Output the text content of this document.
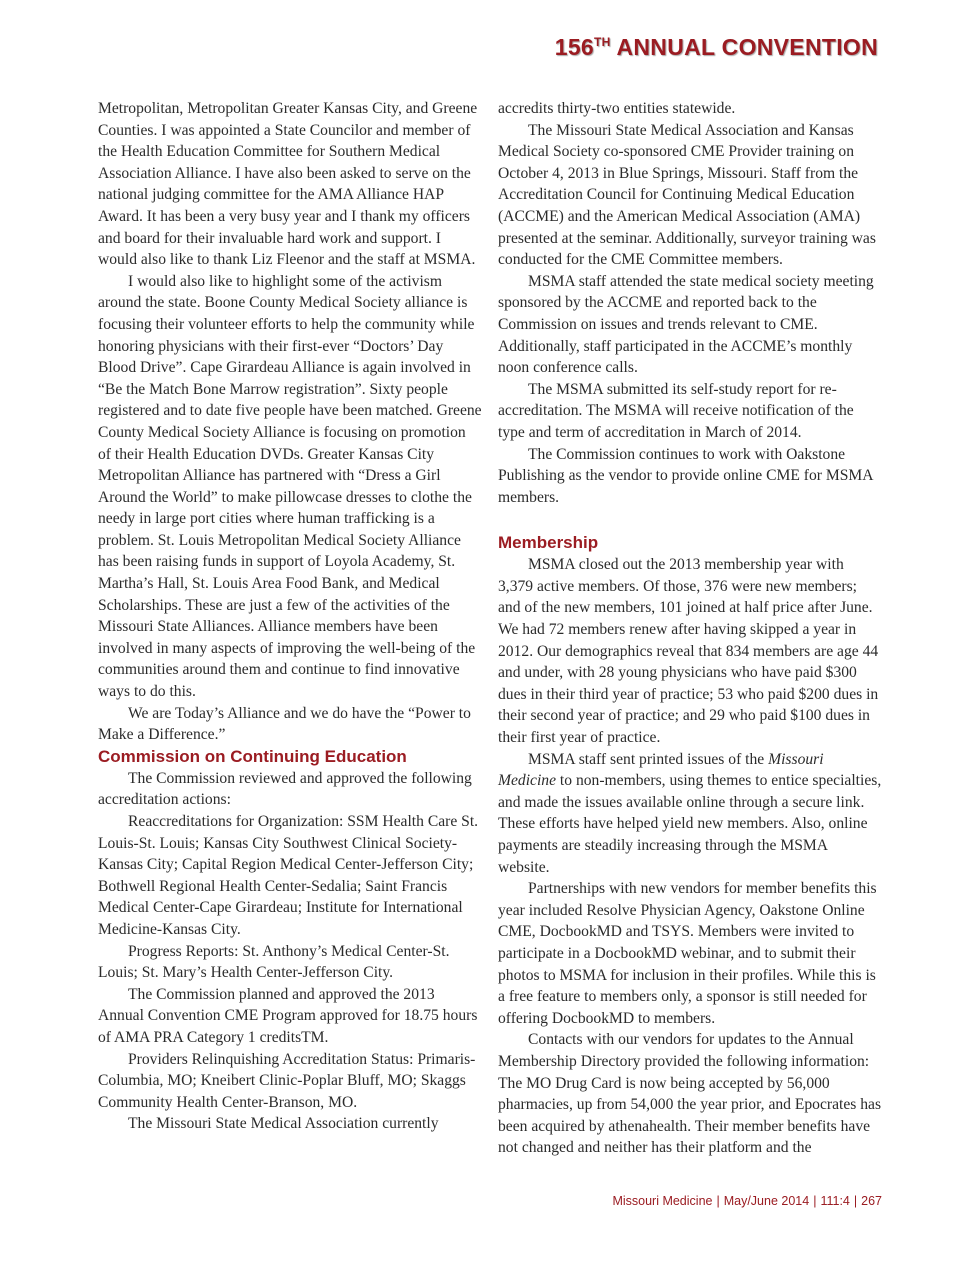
156TH ANNUAL CONVENTION

Metropolitan, Metropolitan Greater Kansas City, and Greene Counties. I was appointed a State Councilor and member of the Health Education Committee for Southern Medical Association Alliance. I have also been asked to serve on the national judging committee for the AMA Alliance HAP Award. It has been a very busy year and I thank my officers and board for their invaluable hard work and support. I would also like to thank Liz Fleenor and the staff at MSMA.

I would also like to highlight some of the activism around the state. Boone County Medical Society alliance is focusing their volunteer efforts to help the community while honoring physicians with their first-ever “Doctors’ Day Blood Drive”. Cape Girardeau Alliance is again involved in “Be the Match Bone Marrow registration”. Sixty people registered and to date five people have been matched. Greene County Medical Society Alliance is focusing on promotion of their Health Education DVDs. Greater Kansas City Metropolitan Alliance has partnered with “Dress a Girl Around the World” to make pillowcase dresses to clothe the needy in large port cities where human trafficking is a problem. St. Louis Metropolitan Medical Society Alliance has been raising funds in support of Loyola Academy, St. Martha’s Hall, St. Louis Area Food Bank, and Medical Scholarships. These are just a few of the activities of the Missouri State Alliances. Alliance members have been involved in many aspects of improving the well-being of the communities around them and continue to find innovative ways to do this.

We are Today’s Alliance and we do have the “Power to Make a Difference.”

Commission on Continuing Education

The Commission reviewed and approved the following accreditation actions:

Reaccreditations for Organization: SSM Health Care St. Louis-St. Louis; Kansas City Southwest Clinical Society-Kansas City; Capital Region Medical Center-Jefferson City; Bothwell Regional Health Center-Sedalia; Saint Francis Medical Center-Cape Girardeau; Institute for International Medicine-Kansas City.

Progress Reports: St. Anthony’s Medical Center-St. Louis; St. Mary’s Health Center-Jefferson City.

The Commission planned and approved the 2013 Annual Convention CME Program approved for 18.75 hours of AMA PRA Category 1 creditsTM.

Providers Relinquishing Accreditation Status: Primaris-Columbia, MO; Kneibert Clinic-Poplar Bluff, MO; Skaggs Community Health Center-Branson, MO.

The Missouri State Medical Association currently

accredits thirty-two entities statewide.

The Missouri State Medical Association and Kansas Medical Society co-sponsored CME Provider training on October 4, 2013 in Blue Springs, Missouri. Staff from the Accreditation Council for Continuing Medical Education (ACCME) and the American Medical Association (AMA) presented at the seminar. Additionally, surveyor training was conducted for the CME Committee members.

MSMA staff attended the state medical society meeting sponsored by the ACCME and reported back to the Commission on issues and trends relevant to CME. Additionally, staff participated in the ACCME’s monthly noon conference calls.

The MSMA submitted its self-study report for re-accreditation. The MSMA will receive notification of the type and term of accreditation in March of 2014.

The Commission continues to work with Oakstone Publishing as the vendor to provide online CME for MSMA members.

Membership

MSMA closed out the 2013 membership year with 3,379 active members. Of those, 376 were new members; and of the new members, 101 joined at half price after June. We had 72 members renew after having skipped a year in 2012. Our demographics reveal that 834 members are age 44 and under, with 28 young physicians who have paid $300 dues in their third year of practice; 53 who paid $200 dues in their second year of practice; and 29 who paid $100 dues in their first year of practice.

MSMA staff sent printed issues of the Missouri Medicine to non-members, using themes to entice specialties, and made the issues available online through a secure link. These efforts have helped yield new members. Also, online payments are steadily increasing through the MSMA website.

Partnerships with new vendors for member benefits this year included Resolve Physician Agency, Oakstone Online CME, DocbookMD and TSYS. Members were invited to participate in a DocbookMD webinar, and to submit their photos to MSMA for inclusion in their profiles. While this is a free feature to members only, a sponsor is still needed for offering DocbookMD to members.

Contacts with our vendors for updates to the Annual Membership Directory provided the following information: The MO Drug Card is now being accepted by 56,000 pharmacies, up from 54,000 the year prior, and Epocrates has been acquired by athenahealth. Their member benefits have not changed and neither has their platform and the

Missouri Medicine | May/June 2014 | 111:4 | 267
